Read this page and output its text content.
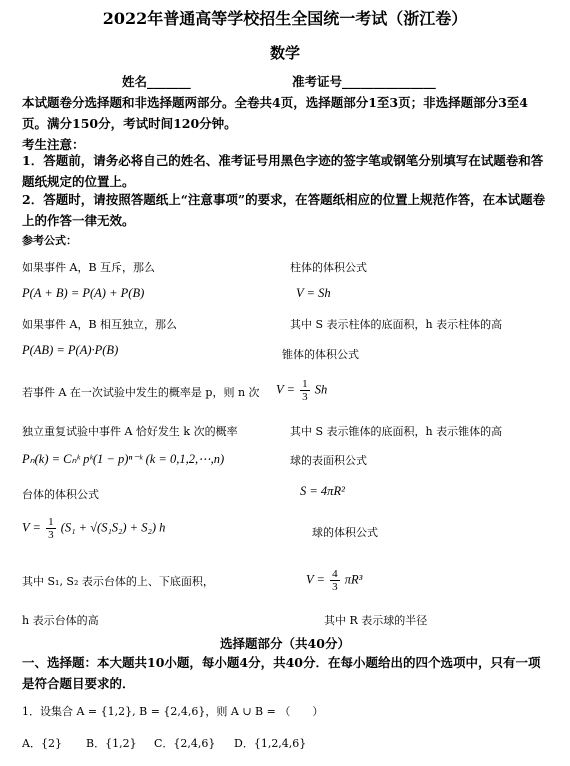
2022年普通高等学校招生全国统一考试（浙江卷）
数学
姓名_______	准考证号_______________
本试题卷分选择题和非选择题两部分。全卷共4页，选择题部分1至3页；非选择题部分3至4页。满分150分，考试时间120分钟。
考生注意：
1．答题前，请务必将自己的姓名、准考证号用黑色字迹的签字笔或钢笔分别填写在试题卷和答题纸规定的位置上。
2．答题时，请按照答题纸上“注意事项”的要求，在答题纸相应的位置上规范作答，在本试题卷上的作答一律无效。
参考公式：
如果事件 A，B 互斥，那么
P(A + B) = P(A) + P(B)
如果事件 A，B 相互独立，那么
P(AB) = P(A)·P(B)
若事件 A 在一次试验中发生的概率是 p，则 n 次
独立重复试验中事件 A 恰好发生 k 次的概率
Pₙ(k) = Cₙᵏ pᵏ(1 − p)ⁿ⁻ᵏ (k = 0,1,2,⋯,n)
台体的体积公式
$V = \frac{1}{3} (S_1 + √(S_1S_2) + S_2)$ h
其中 S₁, S₂ 表示台体的上、下底面积，
h 表示台体的高
柱体的体积公式
V = Sh
其中 S 表示柱体的底面积，h 表示柱体的高
锥体的体积公式
$V = \frac{1}{3}$ Sh
其中 S 表示锥体的底面积，h 表示锥体的高
球的表面积公式
S = 4πR²
球的体积公式
$V = \frac{4}{3} \pi R^3$
其中 R 表示球的半径
选择题部分（共40分）
一、选择题：本大题共10小题，每小题4分，共40分．在每小题给出的四个选项中，只有一项是符合题目要求的．
1．设集合 A = {1,2}, B = {2,4,6}，则 A ∪ B = （　　）
A．{2} B．{1,2} C．{2,4,6} D．{1,2,4,6}
